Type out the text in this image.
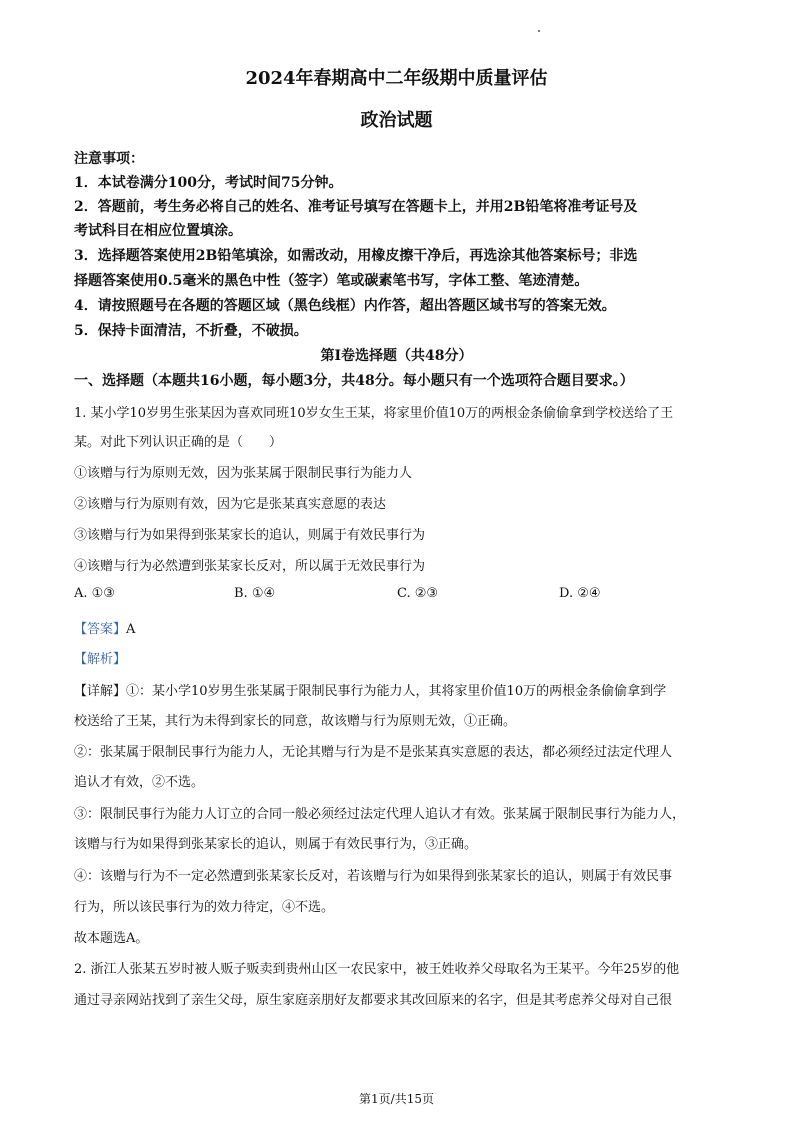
2024年春期高中二年级期中质量评估
政治试题
注意事项：
1．本试卷满分100分，考试时间75分钟。
2．答题前，考生务必将自己的姓名、准考证号填写在答题卡上，并用2B铅笔将准考证号及
考试科目在相应位置填涂。
3．选择题答案使用2B铅笔填涂，如需改动，用橡皮擦干净后，再选涂其他答案标号；非选
择题答案使用0.5毫米的黑色中性（签字）笔或碳素笔书写，字体工整、笔迹清楚。
4．请按照题号在各题的答题区域（黑色线框）内作答，超出答题区域书写的答案无效。
5．保持卡面清洁，不折叠，不破损。
第I卷选择题（共48分）
一、选择题（本题共16小题，每小题3分，共48分。每小题只有一个选项符合题目要求。）
1. 某小学10岁男生张某因为喜欢同班10岁女生王某，将家里价值10万的两根金条偷偷拿到学校送给了王
某。对此下列认识正确的是（　　）
①该赠与行为原则无效，因为张某属于限制民事行为能力人
②该赠与行为原则有效，因为它是张某真实意愿的表达
③该赠与行为如果得到张某家长的追认，则属于有效民事行为
④该赠与行为必然遭到张某家长反对，所以属于无效民事行为
A. ①③	B. ①④	C. ②③	D. ②④
【答案】A
【解析】
【详解】①：某小学10岁男生张某属于限制民事行为能力人，其将家里价值10万的两根金条偷偷拿到学
校送给了王某，其行为未得到家长的同意，故该赠与行为原则无效，①正确。
②：张某属于限制民事行为能力人，无论其赠与行为是不是张某真实意愿的表达，都必须经过法定代理人
追认才有效，②不选。
③：限制民事行为能力人订立的合同一般必须经过法定代理人追认才有效。张某属于限制民事行为能力人，
该赠与行为如果得到张某家长的追认，则属于有效民事行为，③正确。
④：该赠与行为不一定必然遭到张某家长反对，若该赠与行为如果得到张某家长的追认，则属于有效民事
行为，所以该民事行为的效力待定，④不选。
故本题选A。
2. 浙江人张某五岁时被人贩子贩卖到贵州山区一农民家中，被王姓收养父母取名为王某平。今年25岁的他
通过寻亲网站找到了亲生父母，原生家庭亲朋好友都要求其改回原来的名字，但是其考虑养父母对自己很
第1页/共15页
